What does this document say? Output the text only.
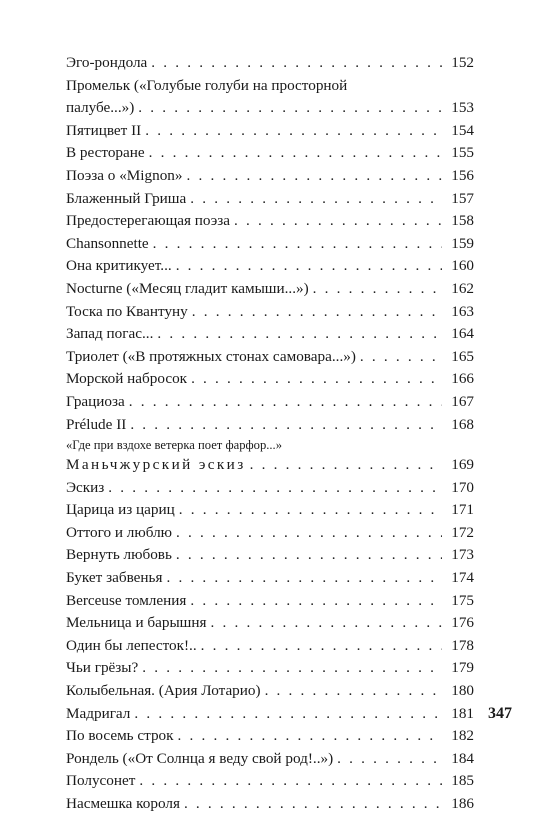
Эго-рондола . . .	152
Промельк («Голубые голуби на просторной
палубе...») . . .	153
Пятицвет II . . .	154
В ресторане . . .	155
Поэза о «Mignon» . . .	156
Блаженный Гриша . . .	157
Предостерегающая поэза . . .	158
Chansonnette . . .	159
Она критикует... . . .	160
Nocturne («Месяц гладит камыши...») . . .	162
Тоска по Квантуну . . .	163
Запад погас... . . .	164
Триолет («В протяжных стонах самовара...») . . .	165
Морской набросок . . .	166
Грациоза . . .	167
Prélude II . . .	168
«Где при вздохе ветерка поет фарфор...»
Маньчжурский эскиз . . .	169
Эскиз . . .	170
Царица из цариц . . .	171
Оттого и люблю . . .	172
Вернуть любовь . . .	173
Букет забвенья . . .	174
Berceuse томления . . .	175
Мельница и барышня . . .	176
Один бы лепесток!.. . . .	178
Чьи грёзы? . . .	179
Колыбельная. (Ария Лотарио) . . .	180
Мадригал . . .	181
По восемь строк . . .	182
Рондель («От Солнца я веду свой род!..») . . .	184
Полусонет . . .	185
Насмешка короля . . .	186
347
